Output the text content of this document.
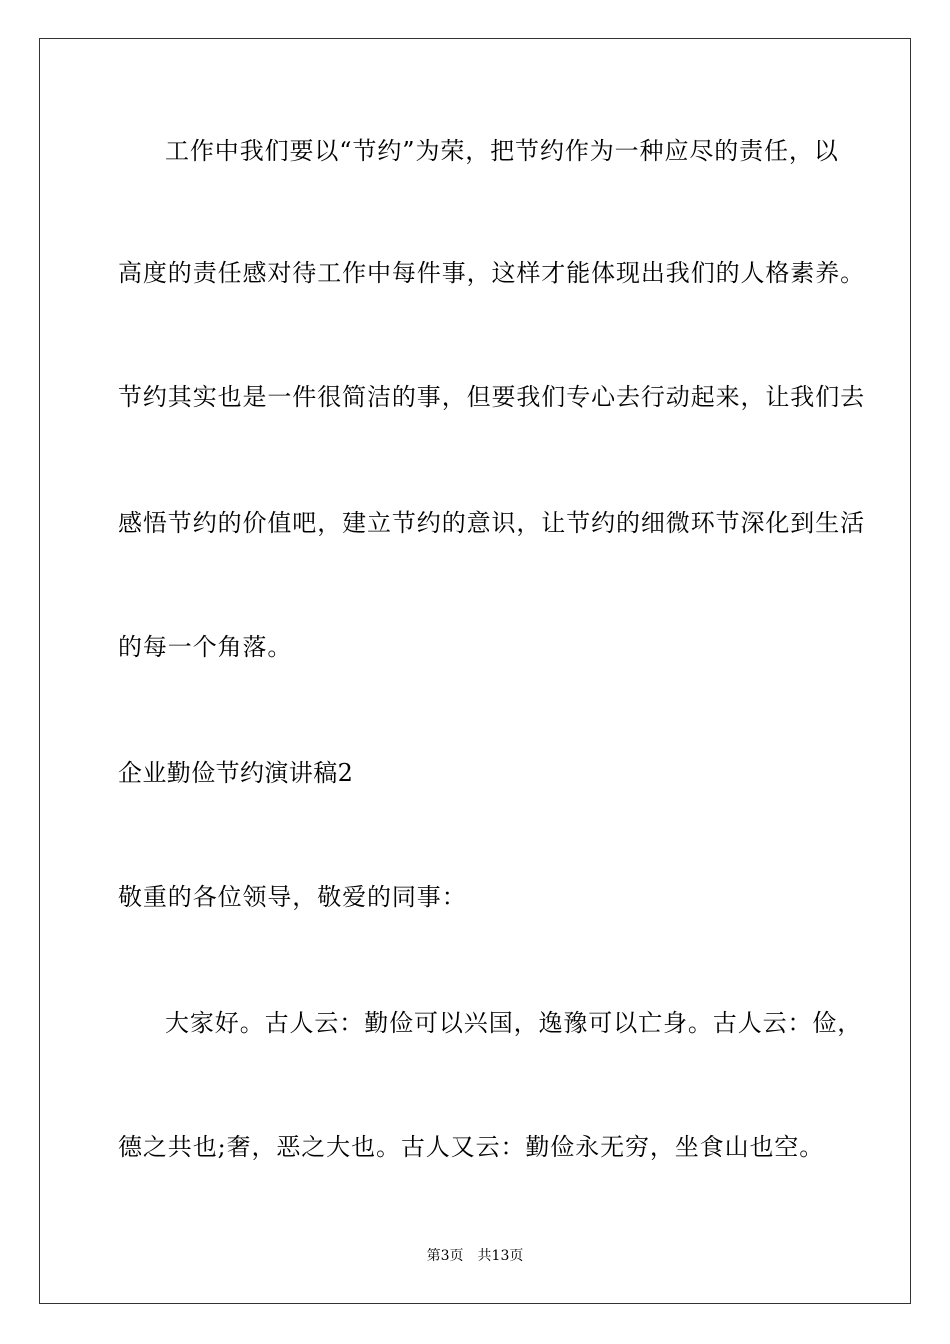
工作中我们要以“节约”为荣，把节约作为一种应尽的责任，以
高度的责任感对待工作中每件事，这样才能体现出我们的人格素养。
节约其实也是一件很简洁的事，但要我们专心去行动起来，让我们去
感悟节约的价值吧，建立节约的意识，让节约的细微环节深化到生活
的每一个角落。
企业勤俭节约演讲稿2
敬重的各位领导，敬爱的同事：
大家好。古人云：勤俭可以兴国，逸豫可以亡身。古人云：俭，
德之共也;奢，恶之大也。古人又云：勤俭永无穷，坐食山也空。
第3页 共13页
